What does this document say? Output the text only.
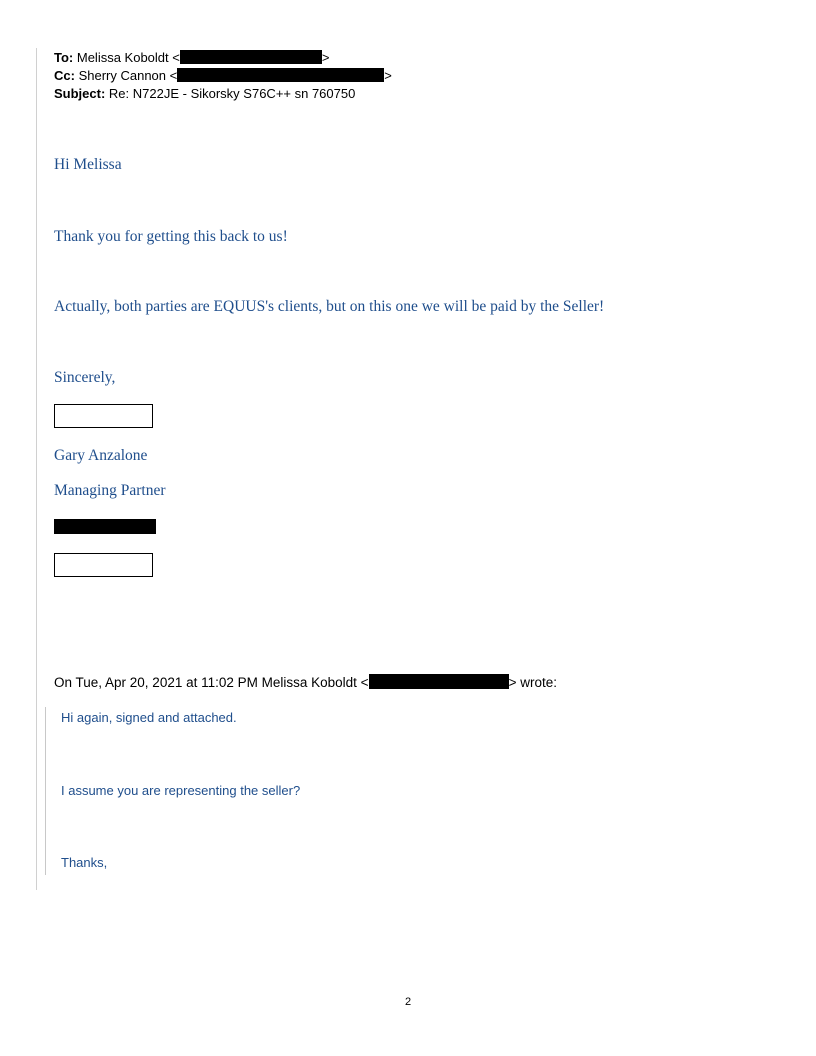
To: Melissa Koboldt <	>
Cc: Sherry Cannon <	>
Subject: Re: N722JE - Sikorsky S76C++ sn 760750
Hi Melissa
Thank you for getting this back to us!
Actually, both parties are EQUUS's clients, but on this one we will be paid by the Seller!
Sincerely,
Gary Anzalone
Managing Partner
On Tue, Apr 20, 2021 at 11:02 PM Melissa Koboldt <	> wrote:
Hi again, signed and attached.
I assume you are representing the seller?
Thanks,
2
